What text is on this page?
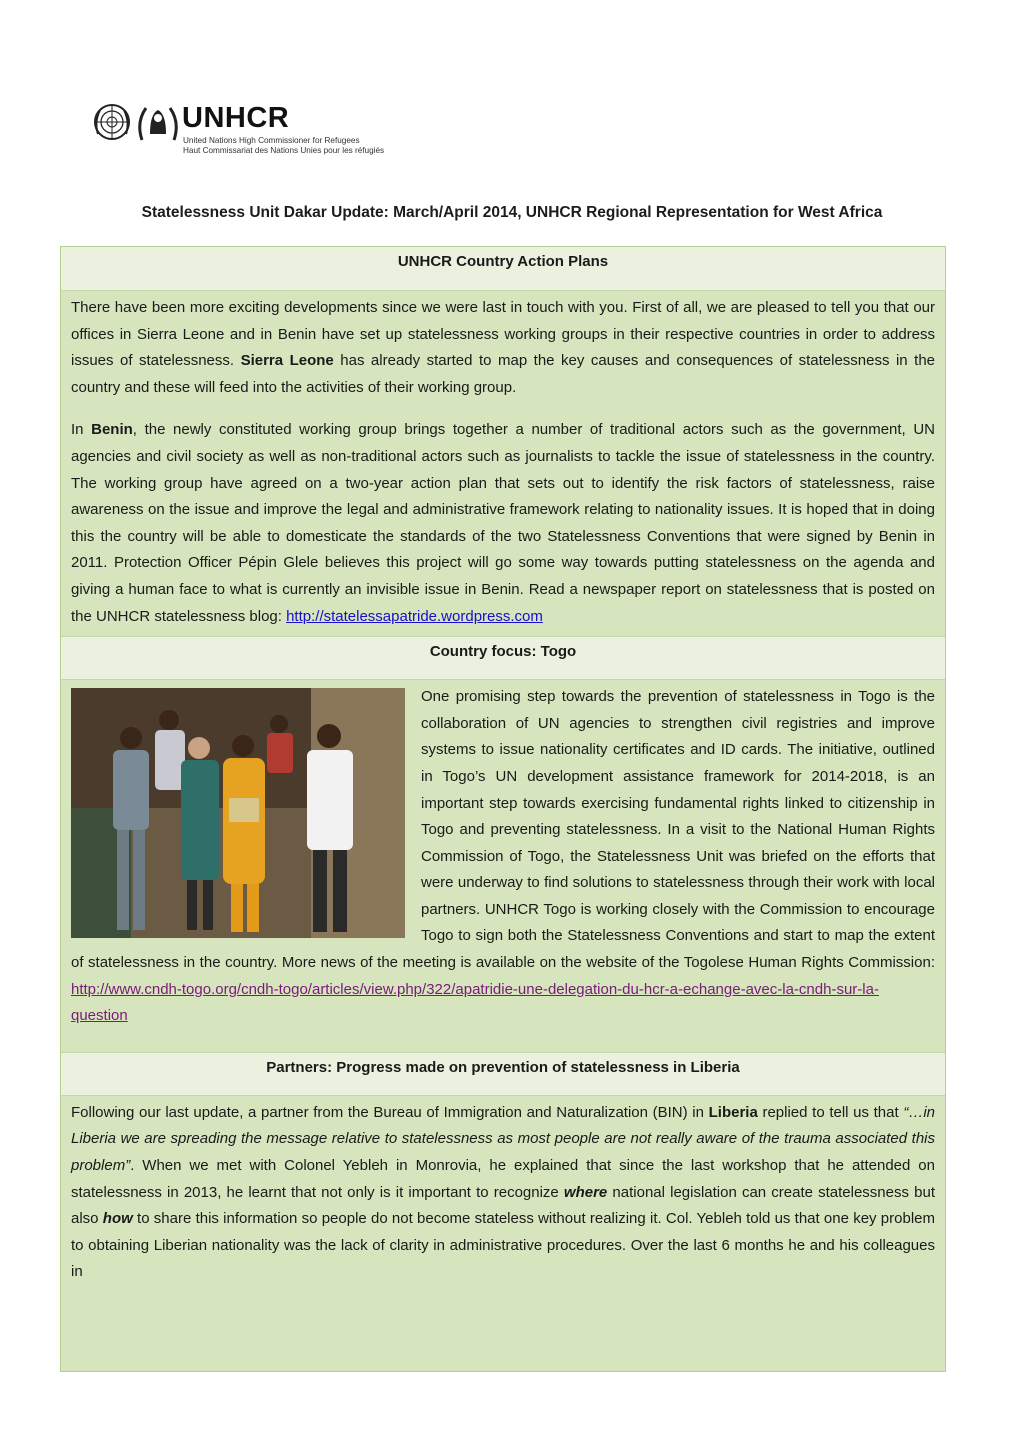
UNHCR
United Nations High Commissioner for Refugees
Haut Commissariat des Nations Unies pour les réfugiés
Statelessness Unit Dakar Update: March/April 2014, UNHCR Regional Representation for West Africa
UNHCR Country Action Plans

There have been more exciting developments since we were last in touch with you. First of all, we are pleased to tell you that our offices in Sierra Leone and in Benin have set up statelessness working groups in their respective countries in order to address issues of statelessness. Sierra Leone has already started to map the key causes and consequences of statelessness in the country and these will feed into the activities of their working group.

In Benin, the newly constituted working group brings together a number of traditional actors such as the government, UN agencies and civil society as well as non-traditional actors such as journalists to tackle the issue of statelessness in the country. The working group have agreed on a two-year action plan that sets out to identify the risk factors of statelessness, raise awareness on the issue and improve the legal and administrative framework relating to nationality issues. It is hoped that in doing this the country will be able to domesticate the standards of the two Statelessness Conventions that were signed by Benin in 2011. Protection Officer Pépin Glele believes this project will go some way towards putting statelessness on the agenda and giving a human face to what is currently an invisible issue in Benin. Read a newspaper report on statelessness that is posted on the UNHCR statelessness blog: http://statelessapatride.wordpress.com

Country focus: Togo

One promising step towards the prevention of statelessness in Togo is the collaboration of UN agencies to strengthen civil registries and improve systems to issue nationality certificates and ID cards. The initiative, outlined in Togo’s UN development assistance framework for 2014-2018, is an important step towards exercising fundamental rights linked to citizenship in Togo and preventing statelessness. In a visit to the National Human Rights Commission of Togo, the Statelessness Unit was briefed on the efforts that were underway to find solutions to statelessness through their work with local partners. UNHCR Togo is working closely with the Commission to encourage Togo to sign both the Statelessness Conventions and start to map the extent of statelessness in the country. More news of the meeting is available on the website of the Togolese Human Rights Commission: http://www.cndh-togo.org/cndh-togo/articles/view.php/322/apatridie-une-delegation-du-hcr-a-echange-avec-la-cndh-sur-la-question

Partners: Progress made on prevention of statelessness in Liberia

Following our last update, a partner from the Bureau of Immigration and Naturalization (BIN) in Liberia replied to tell us that “…in Liberia we are spreading the message relative to statelessness as most people are not really aware of the trauma associated this problem”. When we met with Colonel Yebleh in Monrovia, he explained that since the last workshop that he attended on statelessness in 2013, he learnt that not only is it important to recognize where national legislation can create statelessness but also how to share this information so people do not become stateless without realizing it. Col. Yebleh told us that one key problem to obtaining Liberian nationality was the lack of clarity in administrative procedures. Over the last 6 months he and his colleagues in
